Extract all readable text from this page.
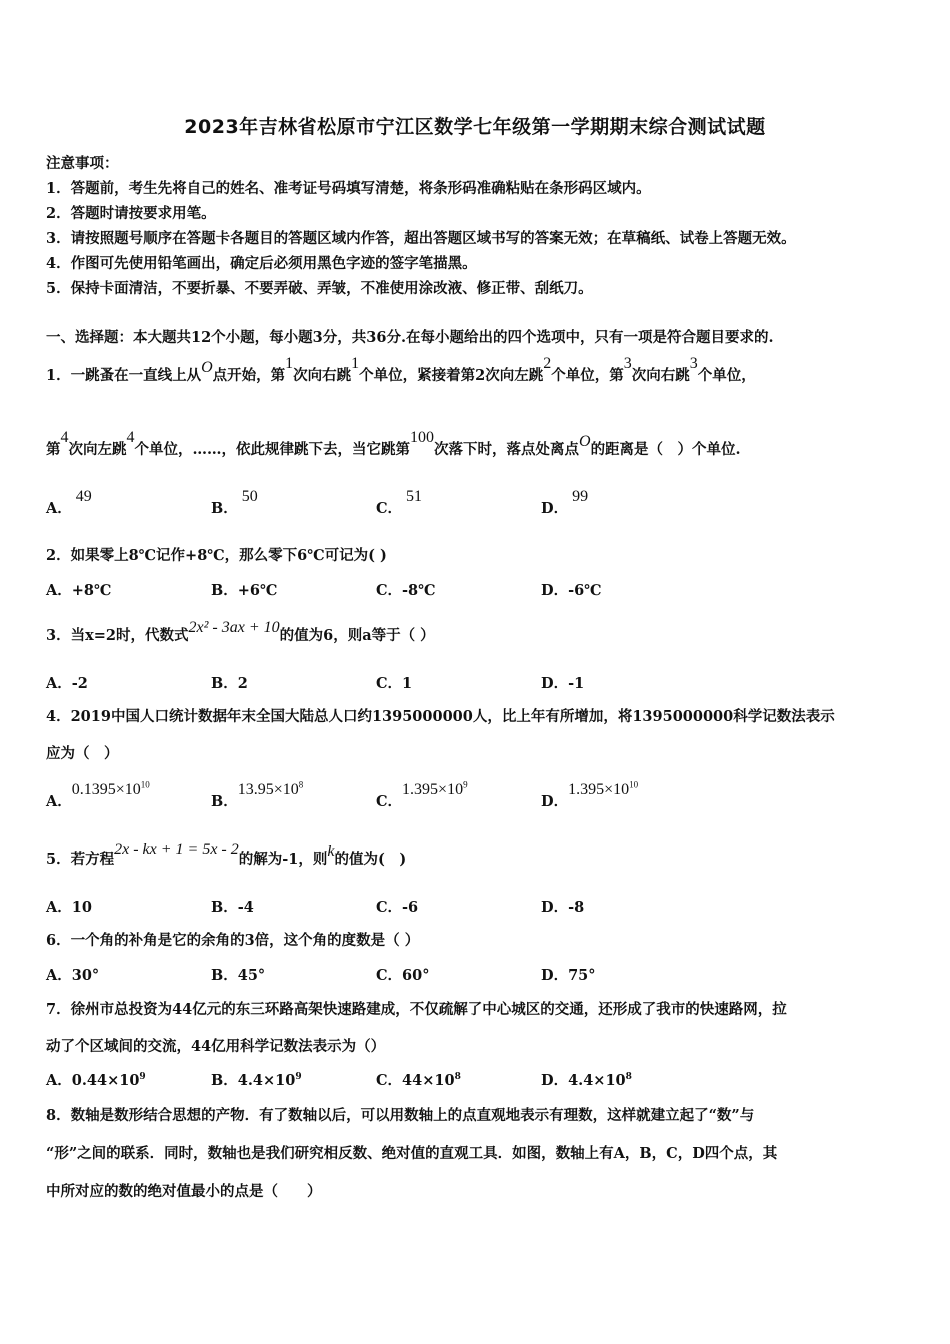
2023年吉林省松原市宁江区数学七年级第一学期期末综合测试试题
注意事项：
1．答题前，考生先将自己的姓名、准考证号码填写清楚，将条形码准确粘贴在条形码区域内。
2．答题时请按要求用笔。
3．请按照题号顺序在答题卡各题目的答题区域内作答，超出答题区域书写的答案无效；在草稿纸、试卷上答题无效。
4．作图可先使用铅笔画出，确定后必须用黑色字迹的签字笔描黑。
5．保持卡面清洁，不要折暴、不要弄破、弄皱，不准使用涂改液、修正带、刮纸刀。
一、选择题：本大题共12个小题，每小题3分，共36分.在每小题给出的四个选项中，只有一项是符合题目要求的.
1．一跳蚤在一直线上从O点开始，第1次向右跳1个单位，紧接着第2次向左跳2个单位，第3次向右跳3个单位，
第4次向左跳4个单位，……，依此规律跳下去，当它跳第100次落下时，落点处离点O的距离是（　）个单位.
A．49
B．50
C．51
D．99
2．如果零上8℃记作+8℃，那么零下6℃可记为( )
A．+8℃	B．+6℃	C．-8℃	D．-6℃
3．当x=2时，代数式2x² - 3ax + 10的值为6，则a等于（ ）
A．-2	B．2	C．1	D．-1
4．2019中国人口统计数据年末全国大陆总人口约1395000000人，比上年有所增加，将1395000000科学记数法表示
应为（　）
A．$0.1395\times 10^{10}$
B．$13.95\times 10^8$
C．$1.395\times 10^9$
D．$1.395\times 10^{10}$
5．若方程2x - kx + 1 = 5x - 2的解为-1，则k的值为(　)
A．10	B．-4	C．-6	D．-8
6．一个角的补角是它的余角的3倍，这个角的度数是（ ）
A．30°	B．45°	C．60°	D．75°
7．徐州市总投资为44亿元的东三环路高架快速路建成，不仅疏解了中心城区的交通，还形成了我市的快速路网，拉
动了个区域间的交流，44亿用科学记数法表示为（）
A．$0.44\times 10^9$	B．$4.4\times 10^9$	C．$44\times 10^8$	D．$4.4\times 10^8$
8．数轴是数形结合思想的产物．有了数轴以后，可以用数轴上的点直观地表示有理数，这样就建立起了“数”与
“形”之间的联系．同时，数轴也是我们研究相反数、绝对值的直观工具．如图，数轴上有A，B，C，D四个点，其
中所对应的数的绝对值最小的点是（　　）
